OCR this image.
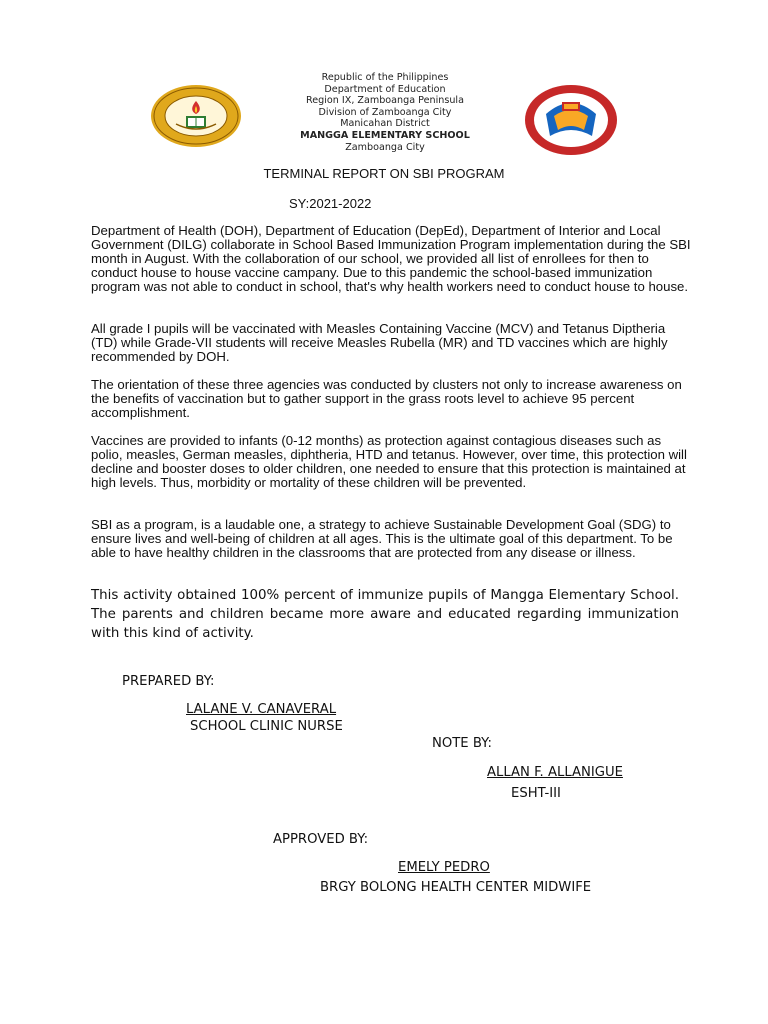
Republic of the Philippines
Department of Education
Region IX, Zamboanga Peninsula
Division of Zamboanga City
Manicahan District
MANGGA ELEMENTARY SCHOOL
Zamboanga City
TERMINAL REPORT ON SBI PROGRAM
SY:2021-2022

Department of Health (DOH), Department of Education (DepEd), Department of Interior and Local Government (DILG) collaborate in School Based Immunization Program implementation during the SBI month in August. With the collaboration of our school, we provided all list of enrollees for then to conduct house to house vaccine campany. Due to this pandemic the school-based immunization program was not able to conduct in school, that's why health workers need to conduct house to house.

All grade I pupils will be vaccinated with Measles Containing Vaccine (MCV) and Tetanus Diptheria (TD) while Grade-VII students will receive Measles Rubella (MR) and TD vaccines which are highly recommended by DOH.

The orientation of these three agencies was conducted by clusters not only to increase awareness on the benefits of vaccination but to gather support in the grass roots level to achieve 95 percent accomplishment.

Vaccines are provided to infants (0-12 months) as protection against contagious diseases such as polio, measles, German measles, diphtheria, HTD and tetanus. However, over time, this protection will decline and booster doses to older children, one needed to ensure that this protection is maintained at high levels. Thus, morbidity or mortality of these children will be prevented.

SBI as a program, is a laudable one, a strategy to achieve Sustainable Development Goal (SDG) to ensure lives and well-being of children at all ages. This is the ultimate goal of this department. To be able to have healthy children in the classrooms that are protected from any disease or illness.

This activity obtained 100% percent of immunize pupils of Mangga Elementary School. The parents and children became more aware and educated regarding immunization with this kind of activity.

PREPARED BY:
LALANE V. CANAVERAL
SCHOOL CLINIC NURSE
NOTE BY:
ALLAN F. ALLANIGUE
ESHT-III
APPROVED BY:
EMELY PEDRO
BRGY BOLONG HEALTH CENTER MIDWIFE
